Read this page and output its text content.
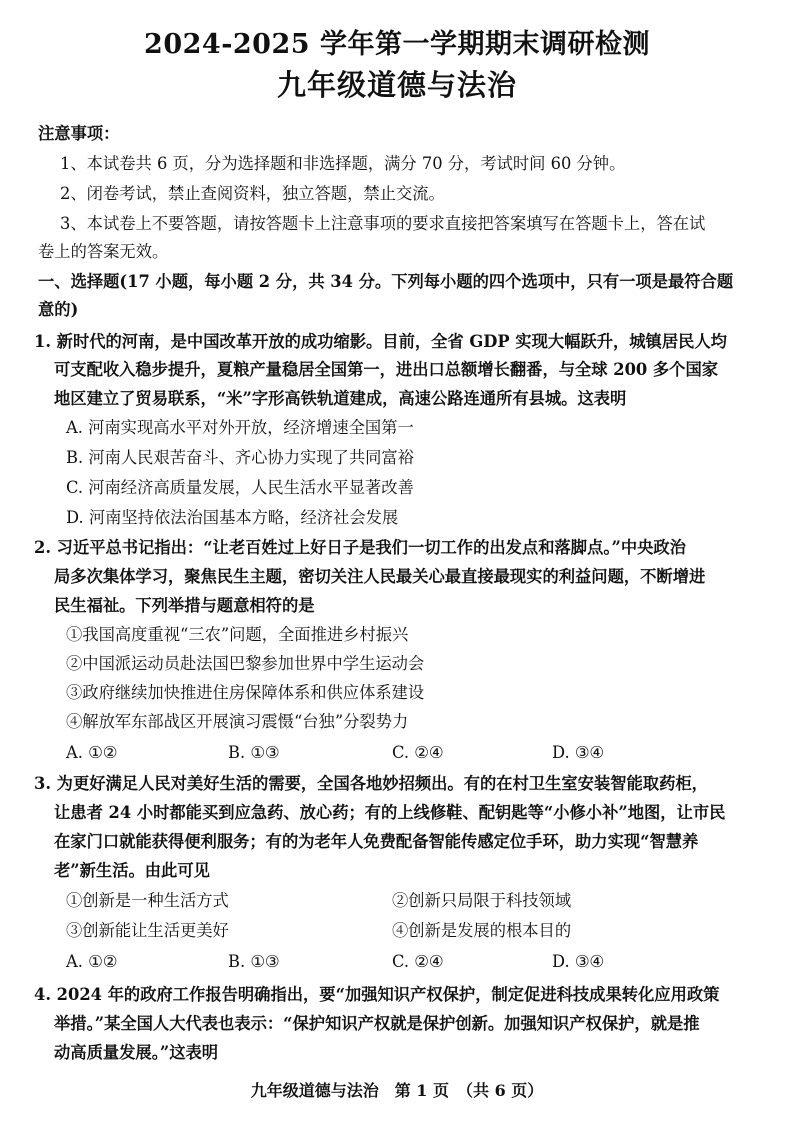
2024-2025 学年第一学期期末调研检测
九年级道德与法治
注意事项：
1、本试卷共 6 页，分为选择题和非选择题，满分 70 分，考试时间 60 分钟。
2、闭卷考试，禁止查阅资料，独立答题，禁止交流。
3、本试卷上不要答题，请按答题卡上注意事项的要求直接把答案填写在答题卡上，答在试
卷上的答案无效。
一、选择题(17 小题，每小题 2 分，共 34 分。下列每小题的四个选项中，只有一项是最符合题
意的)
1. 新时代的河南，是中国改革开放的成功缩影。目前，全省 GDP 实现大幅跃升，城镇居民人均
可支配收入稳步提升，夏粮产量稳居全国第一，进出口总额增长翻番，与全球 200 多个国家
地区建立了贸易联系，“米”字形高铁轨道建成，高速公路连通所有县城。这表明
A. 河南实现高水平对外开放，经济增速全国第一
B. 河南人民艰苦奋斗、齐心协力实现了共同富裕
C. 河南经济高质量发展，人民生活水平显著改善
D. 河南坚持依法治国基本方略，经济社会发展
2. 习近平总书记指出：“让老百姓过上好日子是我们一切工作的出发点和落脚点。”中央政治
局多次集体学习，聚焦民生主题，密切关注人民最关心最直接最现实的利益问题，不断增进
民生福祉。下列举措与题意相符的是
①我国高度重视“三农”问题，全面推进乡村振兴
②中国派运动员赴法国巴黎参加世界中学生运动会
③政府继续加快推进住房保障体系和供应体系建设
④解放军东部战区开展演习震慑“台独”分裂势力
A. ①②	B. ①③	C. ②④	D. ③④
3. 为更好满足人民对美好生活的需要，全国各地妙招频出。有的在村卫生室安装智能取药柜，
让患者 24 小时都能买到应急药、放心药；有的上线修鞋、配钥匙等“小修小补”地图，让市民
在家门口就能获得便利服务；有的为老年人免费配备智能传感定位手环，助力实现“智慧养
老”新生活。由此可见
①创新是一种生活方式	②创新只局限于科技领域
③创新能让生活更美好	④创新是发展的根本目的
A. ①②	B. ①③	C. ②④	D. ③④
4. 2024 年的政府工作报告明确指出，要“加强知识产权保护，制定促进科技成果转化应用政策
举措。”某全国人大代表也表示：“保护知识产权就是保护创新。加强知识产权保护，就是推
动高质量发展。”这表明
九年级道德与法治　第 1 页　（共 6 页）
